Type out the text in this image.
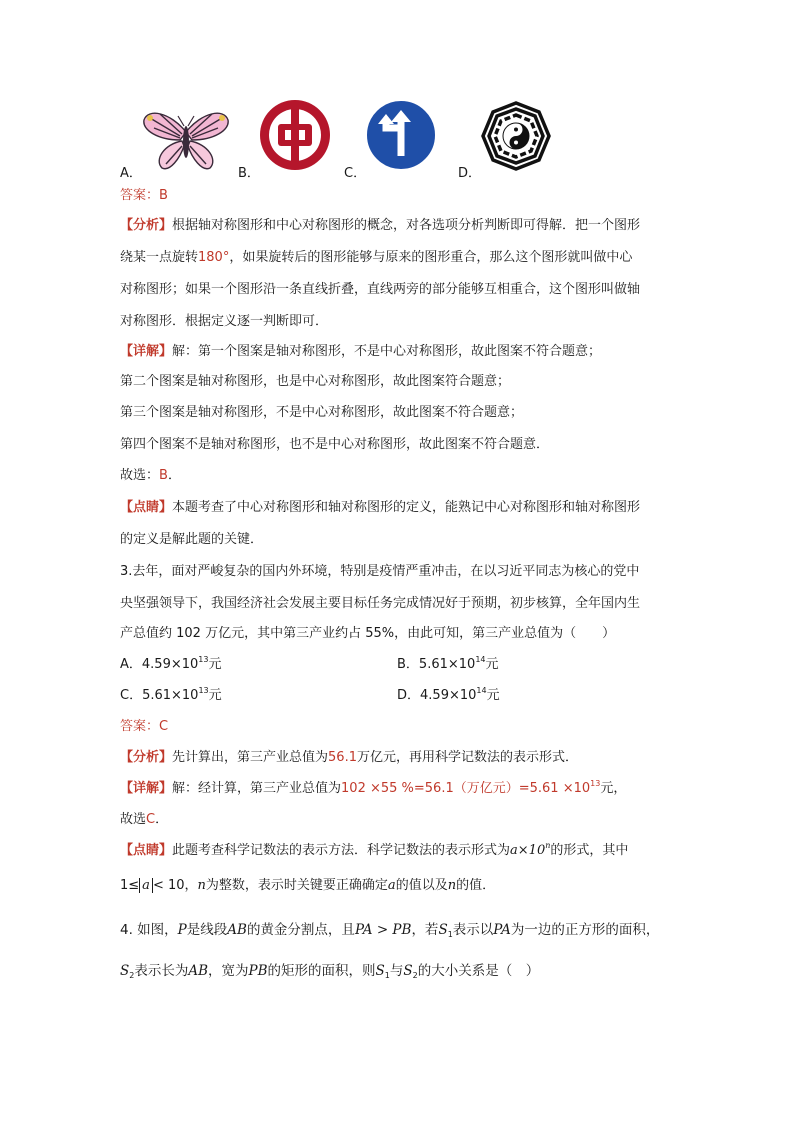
A．	B．	C．	D．
答案：B
【分析】根据轴对称图形和中心对称图形的概念，对各选项分析判断即可得解．把一个图形
绕某一点旋转180°，如果旋转后的图形能够与原来的图形重合，那么这个图形就叫做中心
对称图形；如果一个图形沿一条直线折叠，直线两旁的部分能够互相重合，这个图形叫做轴
对称图形．根据定义逐一判断即可．
【详解】解：第一个图案是轴对称图形，不是中心对称图形，故此图案不符合题意；
第二个图案是轴对称图形，也是中心对称图形，故此图案符合题意；
第三个图案是轴对称图形，不是中心对称图形，故此图案不符合题意；
第四个图案不是轴对称图形，也不是中心对称图形，故此图案不符合题意．
故选：B．
【点睛】本题考查了中心对称图形和轴对称图形的定义，能熟记中心对称图形和轴对称图形
的定义是解此题的关键．
3.去年，面对严峻复杂的国内外环境，特别是疫情严重冲击，在以习近平同志为核心的党中
央坚强领导下，我国经济社会发展主要目标任务完成情况好于预期，初步核算，全年国内生
产总值约 102 万亿元，其中第三产业约占 55%，由此可知，第三产业总值为（　　）
A．$4.59\times 10^{13}$元	B．$5.61\times 10^{14}$元
C．$5.61\times 10^{13}$元	D．$4.59\times 10^{14}$元
答案：C
【分析】先计算出，第三产业总值为56.1万亿元，再用科学记数法的表示形式．
【详解】解：经计算，第三产业总值为102 ×55 %=56.1（万亿元）$=5.61 \times 10^{13}$元，
故选C．
【点睛】此题考查科学记数法的表示方法．科学记数法的表示形式为$a\times 10^n$的形式，其中
1≤ a < 10，n为整数，表示时关键要正确确定a的值以及n的值．
4. 如图，P是线段AB的黄金分割点，且PA > PB，若$S_1$表示以PA为一边的正方形的面积，
$S_2$表示长为AB，宽为PB的矩形的面积，则$S_1$与$S_2$的大小关系是（　）
